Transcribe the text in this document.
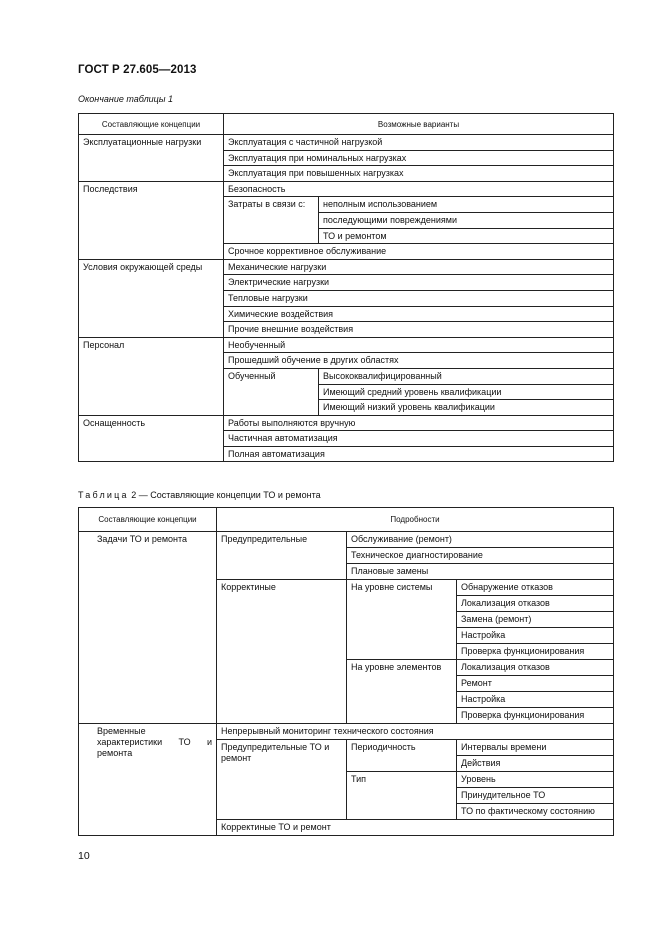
ГОСТ Р 27.605—2013
Окончание таблицы 1
Составляющие концепции	Возможные варианты	
Эксплуатационные нагрузки	Эксплуатация с частичной нагрузкой	
	Эксплуатация при номинальных нагрузках	
	Эксплуатация при повышенных нагрузках	
Последствия	Безопасность	
	Затраты в связи с:	неполным использованием
		последующими повреждениями
		ТО и ремонтом
	Срочное коррективное обслуживание	
Условия окружающей среды	Механические нагрузки	
	Электрические нагрузки	
	Тепловые нагрузки	
	Химические воздействия	
	Прочие внешние воздействия	
Персонал	Необученный	
	Прошедший обучение в других областях	
	Обученный	Высококвалифицированный
		Имеющий средний уровень квалификации
		Имеющий низкий уровень квалификации
Оснащенность	Работы выполняются вручную	
	Частичная автоматизация	
	Полная автоматизация	
Таблица 2 — Составляющие концепции ТО и ремонта
Составляющие концепции	Подробности		
Задачи ТО и ремонта	Предупредительные	Обслуживание (ремонт)	
		Техническое диагностирование	
		Плановые замены	
	Корректиные	На уровне системы	Обнаружение отказов
			Локализация отказов
			Замена (ремонт)
			Настройка
			Проверка функционирования
		На уровне элементов	Локализация отказов
			Ремонт
			Настройка
			Проверка функционирования
Временные характеристики ТО и ремонта	Непрерывный мониторинг технического состояния		
	Предупредительные ТО и ремонт	Периодичность	Интервалы времени
			Действия
		Тип	Уровень
			Принудительное ТО
			ТО по фактическому состоянию
	Корректиные ТО и ремонт		
10
